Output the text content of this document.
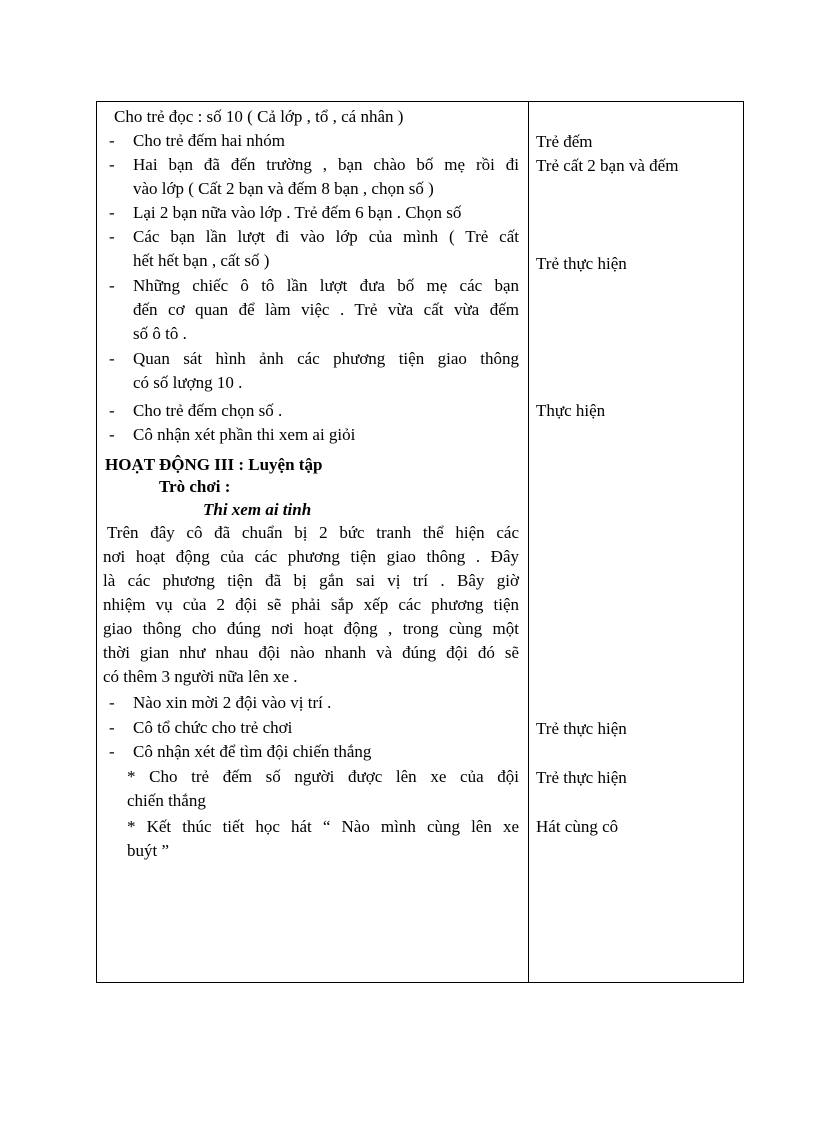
Cho trẻ đọc : số 10 ( Cả lớp , tổ , cá nhân )
- Cho trẻ đếm hai nhóm
- Hai bạn đã đến trường , bạn chào bố mẹ rồi đi
vào lớp ( Cất 2 bạn và đếm 8 bạn , chọn số )
- Lại 2 bạn nữa vào lớp . Trẻ đếm 6 bạn . Chọn số
- Các bạn lần lượt đi vào lớp của mình ( Trẻ cất
hết hết bạn , cất số )
- Những chiếc ô tô lần lượt đưa bố mẹ các bạn
đến cơ quan để làm việc . Trẻ vừa cất vừa đếm
số ô tô .
- Quan sát hình ảnh các phương tiện giao thông
có số lượng 10 .
- Cho trẻ đếm chọn số .
- Cô nhận xét phần thi xem ai giỏi
HOẠT ĐỘNG III : Luyện tập
Trò chơi :
Thi xem ai tinh
Trên đây cô đã chuẩn bị 2 bức tranh thể hiện các
nơi hoạt động của các phương tiện giao thông . Đây
là các phương tiện đã bị gắn sai vị trí . Bây giờ
nhiệm vụ của 2 đội sẽ phải sắp xếp các phương tiện
giao thông cho đúng nơi hoạt động , trong cùng một
thời gian như nhau đội nào nhanh và đúng đội đó sẽ
có thêm 3 người nữa lên xe .
- Nào xin mời 2 đội vào vị trí .
- Cô tổ chức cho trẻ chơi
- Cô nhận xét để tìm đội chiến thắng
* Cho trẻ đếm số người được lên xe của đội
chiến thắng
* Kết thúc tiết học hát “ Nào mình cùng lên xe
buýt ”
Trẻ đếm
Trẻ cất 2 bạn và đếm
Trẻ thực hiện
Thực hiện
Trẻ thực hiện
Trẻ thực hiện
Hát cùng cô
